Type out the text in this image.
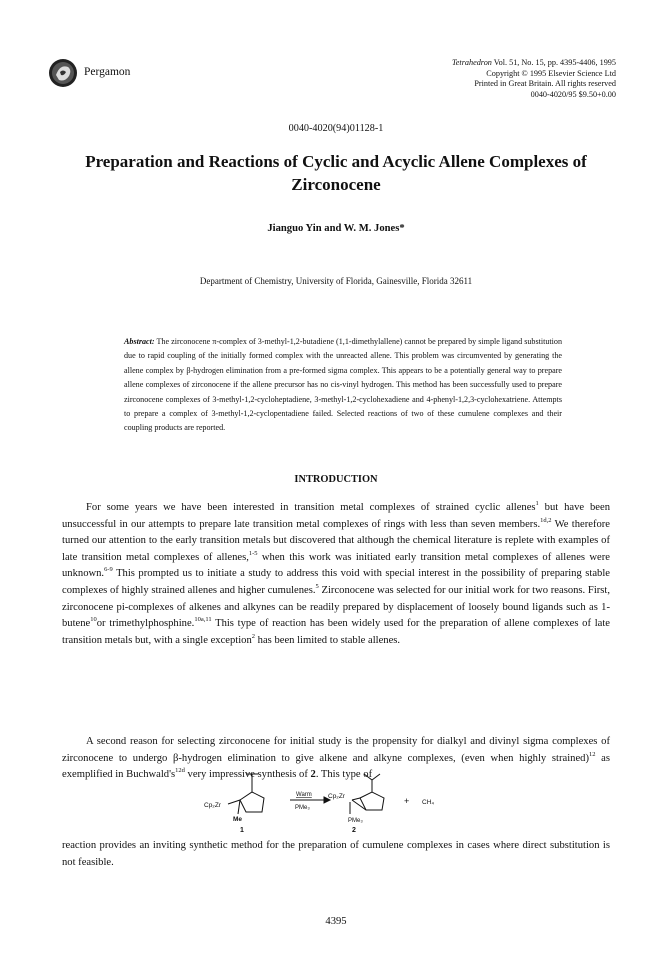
Pergamon
Tetrahedron Vol. 51, No. 15, pp. 4395-4406, 1995
Copyright © 1995 Elsevier Science Ltd
Printed in Great Britain. All rights reserved
0040-4020/95 $9.50+0.00
0040-4020(94)01128-1
Preparation and Reactions of Cyclic and Acyclic Allene Complexes of Zirconocene
Jianguo Yin and W. M. Jones*
Department of Chemistry, University of Florida, Gainesville, Florida 32611
Abstract: The zirconocene π-complex of 3-methyl-1,2-butadiene (1,1-dimethylallene) cannot be prepared by simple ligand substitution due to rapid coupling of the initially formed complex with the unreacted allene. This problem was circumvented by generating the allene complex by β-hydrogen elimination from a pre-formed sigma complex. This appears to be a potentially general way to prepare allene complexes of zirconocene if the allene precursor has no cis-vinyl hydrogen. This method has been successfully used to prepare zirconocene complexes of 3-methyl-1,2-cycloheptadiene, 3-methyl-1,2-cyclohexadiene and 4-phenyl-1,2,3-cyclohexatriene. Attempts to prepare a complex of 3-methyl-1,2-cyclopentadiene failed. Selected reactions of two of these cumulene complexes and their coupling products are reported.
INTRODUCTION

For some years we have been interested in transition metal complexes of strained cyclic allenes$^1$ but have been unsuccessful in our attempts to prepare late transition metal complexes of rings with less than seven members.$^{1d,2}$ We therefore turned our attention to the early transition metals but discovered that although the chemical literature is replete with examples of late transition metal complexes of allenes,$^{1-5}$ when this work was initiated early transition metal complexes of allenes were unknown.$^{6-9}$ This prompted us to initiate a study to address this void with special interest in the possibility of preparing stable complexes of highly strained allenes and higher cumulenes.$^5$ Zirconocene was selected for our initial work for two reasons. First, zirconocene pi-complexes of alkenes and alkynes can be readily prepared by displacement of loosely bound ligands such as 1-butene$^{10}$or trimethylphosphine.$^{10a,11}$ This type of reaction has been widely used for the preparation of allene complexes of late transition metals but, with a single exception$^2$ has been limited to stable allenes.

A second reason for selecting zirconocene for initial study is the propensity for dialkyl and divinyl sigma complexes of zirconocene to undergo β-hydrogen elimination to give alkene and alkyne complexes, (even when highly strained)$^{12}$ as exemplified in $Buchwald's^{12d}$ very impressive synthesis of 2. This type of

Cp₂Zr
Me
1
Warm
PMe₃
Cp₂Zr
PMe₃
2
+ CH₄

reaction provides an inviting synthetic method for the preparation of cumulene complexes in cases where direct substitution is not feasible.

4395
